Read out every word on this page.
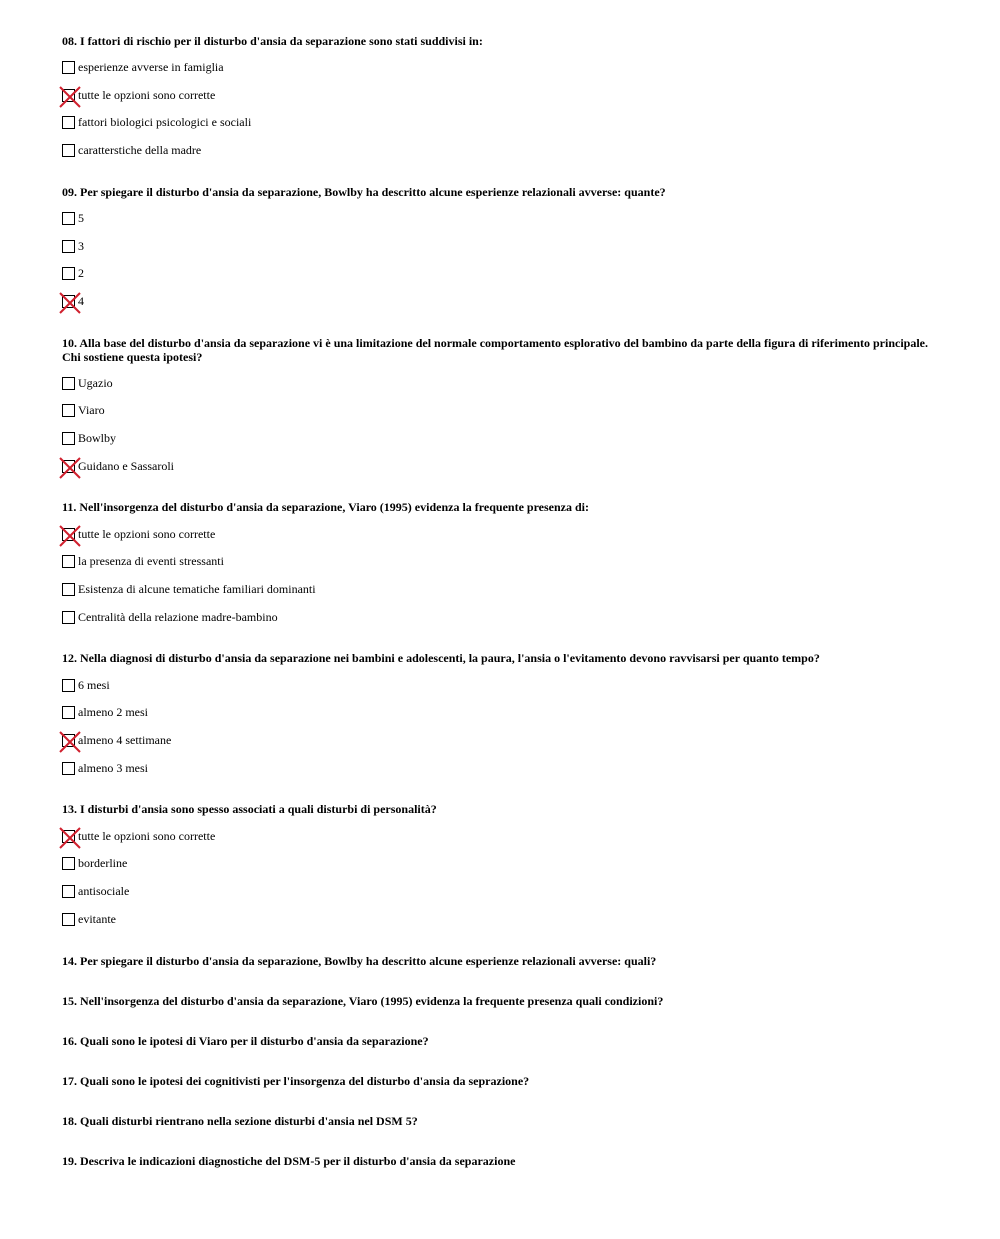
08. I fattori di rischio per il disturbo d'ansia da separazione sono stati suddivisi in:
esperienze avverse in famiglia
tutte le opzioni sono corrette
fattori biologici psicologici e sociali
caratterstiche della madre
09. Per spiegare il disturbo d'ansia da separazione, Bowlby ha descritto alcune esperienze relazionali avverse: quante?
5
3
2
4
10. Alla base del disturbo d'ansia da separazione vi è una limitazione del normale comportamento esplorativo del bambino da parte della figura di riferimento principale. Chi sostiene questa ipotesi?
Ugazio
Viaro
Bowlby
Guidano e Sassaroli
11. Nell'insorgenza del disturbo d'ansia da separazione, Viaro (1995) evidenza la frequente presenza di:
tutte le opzioni sono corrette
la presenza di eventi stressanti
Esistenza di alcune tematiche familiari dominanti
Centralità della relazione madre-bambino
12. Nella diagnosi di disturbo d'ansia da separazione nei bambini e adolescenti, la paura, l'ansia o l'evitamento devono ravvisarsi per quanto tempo?
6 mesi
almeno 2 mesi
almeno 4 settimane
almeno 3 mesi
13. I disturbi d'ansia sono spesso associati a quali disturbi di personalità?
tutte le opzioni sono corrette
borderline
antisociale
evitante
14. Per spiegare il disturbo d'ansia da separazione, Bowlby ha descritto alcune esperienze relazionali avverse: quali?
15. Nell'insorgenza del disturbo d'ansia da separazione, Viaro (1995) evidenza la frequente presenza quali condizioni?
16. Quali sono le ipotesi di Viaro per il disturbo d'ansia da separazione?
17. Quali sono le ipotesi dei cognitivisti per l'insorgenza del disturbo d'ansia da seprazione?
18. Quali disturbi rientrano nella sezione disturbi d'ansia nel DSM 5?
19. Descriva le indicazioni diagnostiche del DSM-5 per il disturbo d'ansia da separazione
